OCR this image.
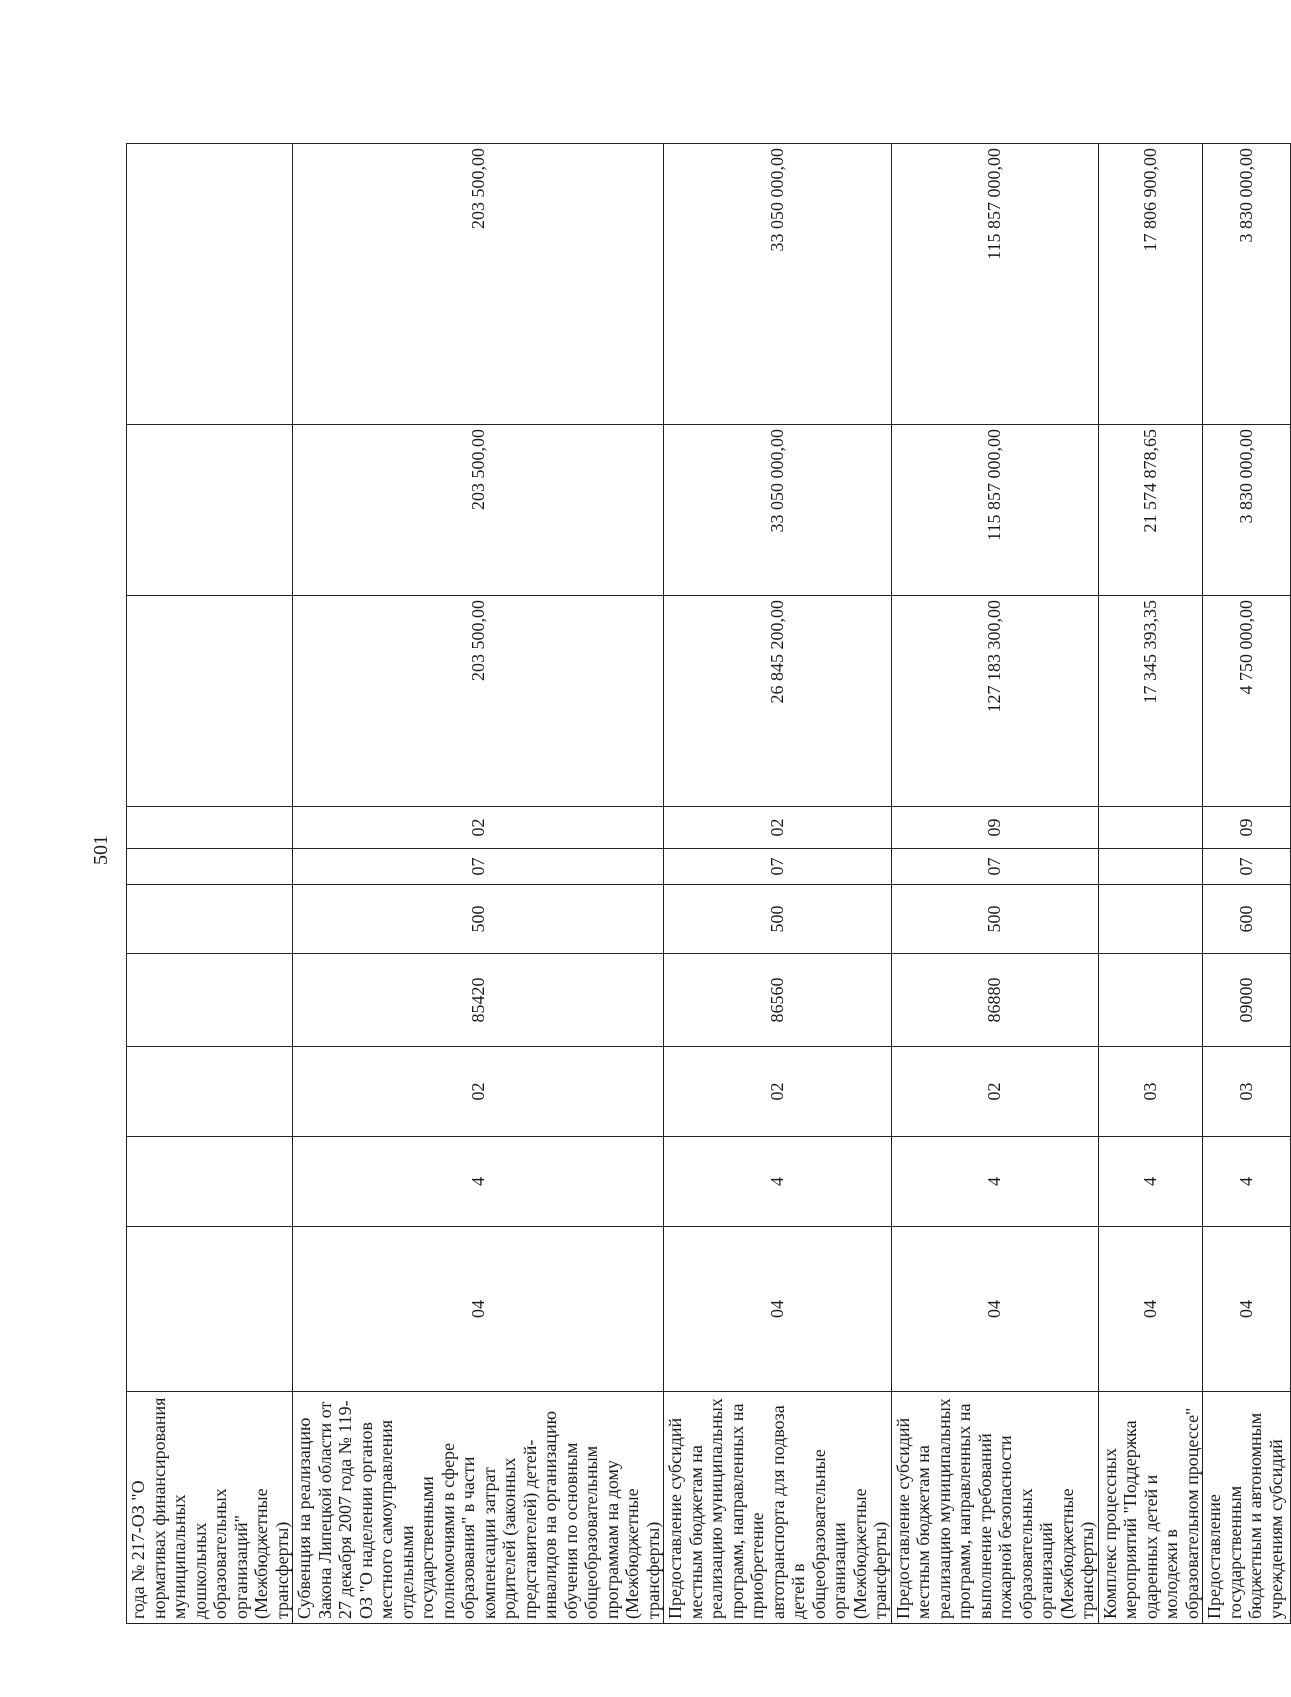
501
года № 217-ОЗ "О нормативах финансирования муниципальных дошкольных образовательных организаций" (Межбюджетные трансферты)										
Субвенция на реализацию Закона Липецкой области от 27 декабря 2007 года № 119-ОЗ "О наделении органов местного самоуправления отдельными государственными полномочиями в сфере образования" в части компенсации затрат родителей (законных представителей) детей-инвалидов на организацию обучения по основным общеобразовательным программам на дому (Межбюджетные трансферты)	04	4	02	85420	500	07	02	203 500,00	203 500,00	203 500,00
Предоставление субсидий местным бюджетам на реализацию муниципальных программ, направленных на приобретение автотранспорта для подвоза детей в общеобразовательные организации (Межбюджетные трансферты)	04	4	02	86560	500	07	02	26 845 200,00	33 050 000,00	33 050 000,00
Предоставление субсидий местным бюджетам на реализацию муниципальных программ, направленных на выполнение требований пожарной безопасности образовательных организаций (Межбюджетные трансферты)	04	4	02	86880	500	07	09	127 183 300,00	115 857 000,00	115 857 000,00
Комплекс процессных мероприятий "Поддержка одаренных детей и молодежи в образовательном процессе"	04	4	03					17 345 393,35	21 574 878,65	17 806 900,00
Предоставление государственным бюджетным и автономным учреждениям субсидий	04	4	03	09000	600	07	09	4 750 000,00	3 830 000,00	3 830 000,00
